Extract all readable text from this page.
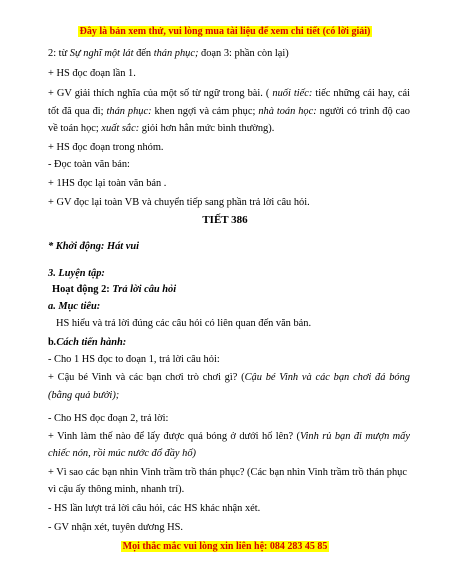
Đây là bản xem thử, vui lòng mua tài liệu để xem chi tiết (có lời giải)
2: từ Sự nghĩ một lát đến thán phục; đoạn 3: phần còn lại)
+ HS đọc đoạn lần 1.
+ GV giải thích nghĩa của một số từ ngữ trong bài. ( nuối tiếc: tiếc những cái hay, cái
tốt đã qua đi; thán phục: khen ngợi và cảm phục; nhà toán học: người có trình độ cao
về toán học; xuất sắc: giỏi hơn hẳn mức bình thường).
+ HS đọc đoạn trong nhóm.
- Đọc toàn văn bản:
+ 1HS đọc lại toàn văn bản .
+ GV đọc lại toàn VB và chuyển tiếp sang phần trả lời câu hỏi.
TIẾT 386
* Khởi động: Hát vui
3. Luyện tập:
Hoạt động 2: Trả lời câu hỏi
a. Mục tiêu:
HS hiểu và trả lời đúng các câu hỏi có liên quan đến văn bản.
b.Cách tiến hành:
- Cho 1 HS đọc to đoạn 1, trả lời câu hỏi:
+ Cậu bé Vinh và các bạn chơi trò chơi gì? (Cậu bé Vinh và các bạn chơi đá bóng
(bằng quả bưởi);
- Cho HS đọc đoạn 2, trả lời:
+ Vinh làm thế nào để lấy được quả bóng ở dưới hố lên? (Vinh rủ bạn đi mượn mấy
chiếc nón, rồi múc nước đổ đầy hố)
+ Vì sao các bạn nhìn Vinh trầm trồ thán phục? (Các bạn nhìn Vinh trầm trồ thán phục
vì cậu ấy thông minh, nhanh trí).
- HS lần lượt trả lời câu hỏi, các HS khác nhận xét.
- GV nhận xét, tuyên dương HS.
Mọi thắc mắc vui lòng xin liên hệ: 084 283 45 85
